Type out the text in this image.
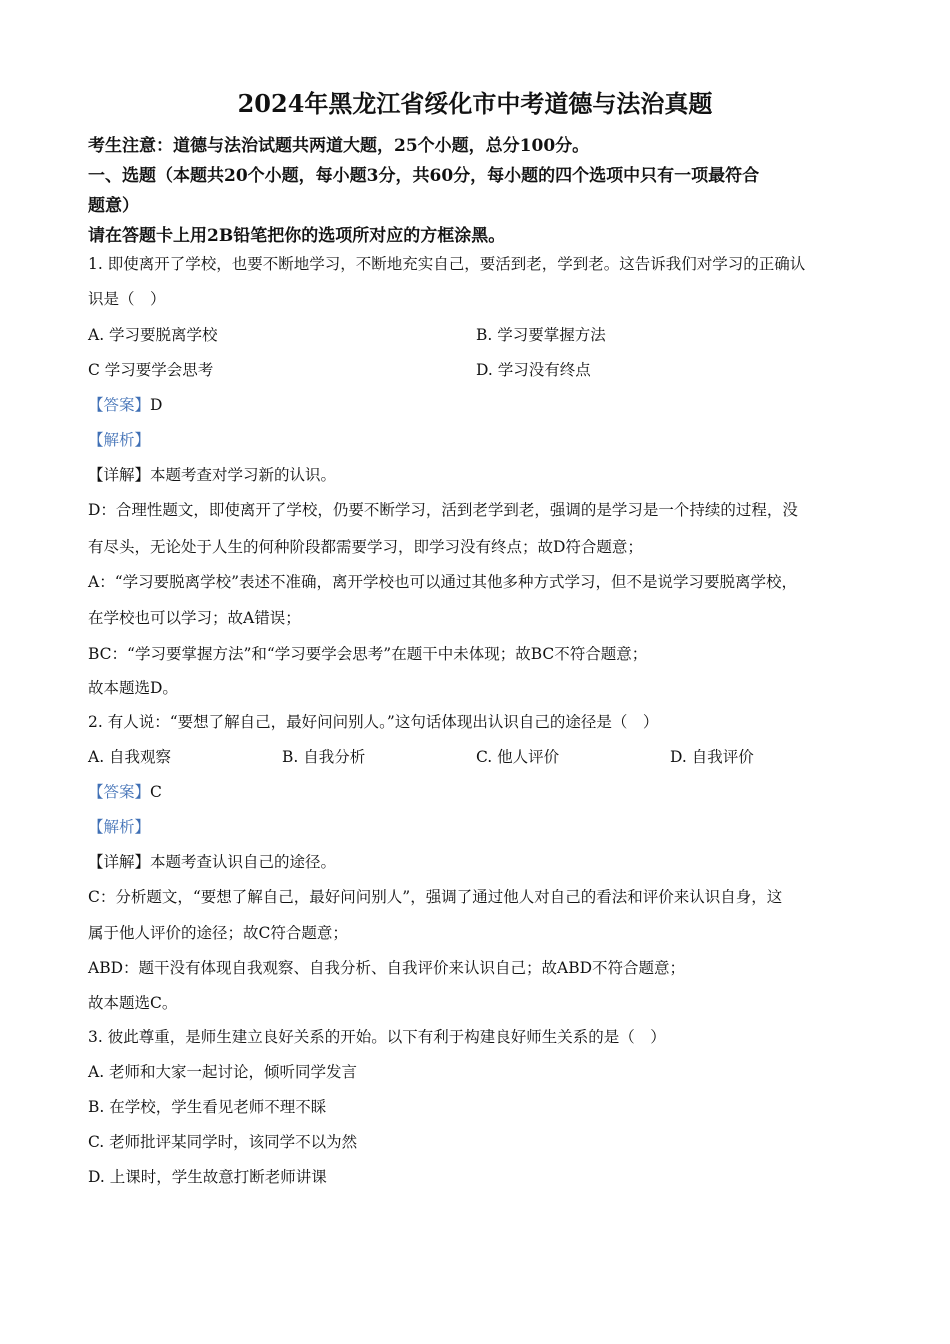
2024年黑龙江省绥化市中考道德与法治真题

考生注意：道德与法治试题共两道大题，25个小题，总分100分。

一、选题（本题共20个小题，每小题3分，共60分，每小题的四个选项中只有一项最符合

题意）

请在答题卡上用2B铅笔把你的选项所对应的方框涂黑。

1. 即使离开了学校，也要不断地学习，不断地充实自己，要活到老，学到老。这告诉我们对学习的正确认

识是（　）

A. 学习要脱离学校	B. 学习要掌握方法
C 学习要学会思考	D. 学习没有终点

【答案】D

【解析】

【详解】本题考查对学习新的认识。

D：合理性题文，即使离开了学校，仍要不断学习，活到老学到老，强调的是学习是一个持续的过程，没

有尽头，无论处于人生的何种阶段都需要学习，即学习没有终点；故D符合题意；

A：“学习要脱离学校”表述不准确，离开学校也可以通过其他多种方式学习，但不是说学习要脱离学校，

在学校也可以学习；故A错误；

BC：“学习要掌握方法”和“学习要学会思考”在题干中未体现；故BC不符合题意；

故本题选D。

2. 有人说：“要想了解自己，最好问问别人。”这句话体现出认识自己的途径是（　）

A. 自我观察	B. 自我分析	C. 他人评价	D. 自我评价

【答案】C

【解析】

【详解】本题考查认识自己的途径。

C：分析题文，“要想了解自己，最好问问别人”，强调了通过他人对自己的看法和评价来认识自身，这

属于他人评价的途径；故C符合题意；

ABD：题干没有体现自我观察、自我分析、自我评价来认识自己；故ABD不符合题意；

故本题选C。

3. 彼此尊重，是师生建立良好关系的开始。以下有利于构建良好师生关系的是（　）

A. 老师和大家一起讨论，倾听同学发言

B. 在学校，学生看见老师不理不睬

C. 老师批评某同学时，该同学不以为然

D. 上课时，学生故意打断老师讲课
